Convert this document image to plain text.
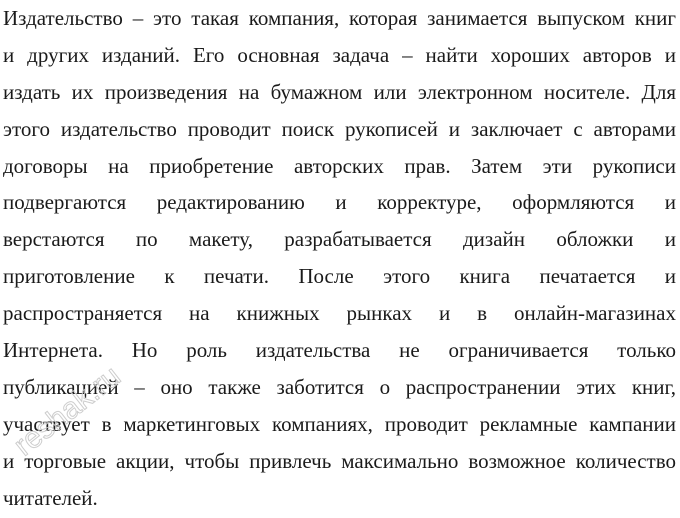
Издательство – это такая компания, которая занимается выпуском книг
и других изданий. Его основная задача – найти хороших авторов и
издать их произведения на бумажном или электронном носителе. Для
этого издательство проводит поиск рукописей и заключает с авторами
договоры на приобретение авторских прав. Затем эти рукописи
подвергаются редактированию и корректуре, оформляются и
верстаются по макету, разрабатывается дизайн обложки и
приготовление к печати. После этого книга печатается и
распространяется на книжных рынках и в онлайн-магазинах
Интернета. Но роль издательства не ограничивается только
публикацией – оно также заботится о распространении этих книг,
участвует в маркетинговых компаниях, проводит рекламные кампании
и торговые акции, чтобы привлечь максимально возможное количество
читателей.
reshak.ru
